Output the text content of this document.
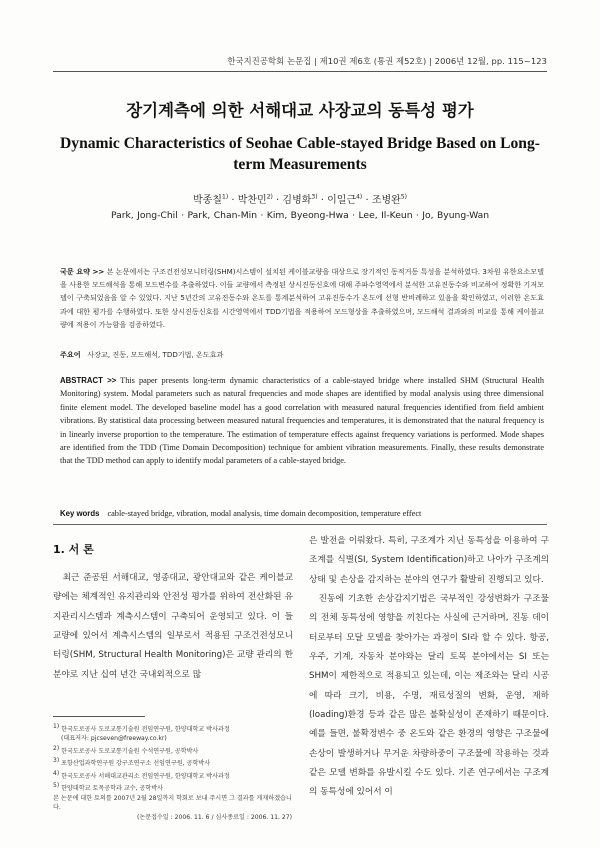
한국지진공학회 논문집 | 제10권 제6호 (통권 제52호) | 2006년 12월, pp. 115~123
장기계측에 의한 서해대교 사장교의 동특성 평가
Dynamic Characteristics of Seohae Cable-stayed Bridge Based on Long-term Measurements
박종칠$^{1)}$ · 박찬민$^{2)}$ · 김병화$^{3)}$ · 이일근$^{4)}$ · 조병완$^{5)}$
Park, Jong-Chil · Park, Chan-Min · Kim, Byeong-Hwa · Lee, Il-Keun · Jo, Byung-Wan
국문 요약 >> 본 논문에서는 구조건전성모니터링(SHM)시스템이 설치된 케이블교량을 대상으로 장기적인 동적거동 특성을 분석하였다. 3차원 유한요소모델을 사용한 모드해석을 통해 모드변수를 추출하였다. 이들 교량에서 측정된 상시진동신호에 대해 주파수영역에서 분석한 고유진동수와 비교하여 정확한 기저모델이 구축되었음을 알 수 있었다. 지난 5년간의 고유진동수와 온도를 통계분석하여 고유진동수가 온도에 선형 반비례하고 있음을 확인하였고, 이러한 온도효과에 대한 평가를 수행하였다. 또한 상시진동신호를 시간영역에서 TDD기법을 적용하여 모드형상을 추출하였으며, 모드해석 결과와의 비교를 통해 케이블교량에 적용이 가능함을 검증하였다.
주요어 사장교, 진동, 모드해석, TDD기법, 온도효과
ABSTRACT >> This paper presents long-term dynamic characteristics of a cable-stayed bridge where installed SHM (Structural Health Monitoring) system. Modal parameters such as natural frequencies and mode shapes are identified by modal analysis using three dimensional finite element model. The developed baseline model has a good correlation with measured natural frequencies identified from field ambient vibrations. By statistical data processing between measured natural frequencies and temperatures, it is demonstrated that the natural frequency is in linearly inverse proportion to the temperature. The estimation of temperature effects against frequency variations is performed. Mode shapes are identified from the TDD (Time Domain Decomposition) technique for ambient vibration measurements. Finally, these results demonstrate that the TDD method can apply to identify modal parameters of a cable-stayed bridge.
Key words cable-stayed bridge, vibration, modal analysis, time domain decomposition, temperature effect
1. 서 론

최근 준공된 서해대교, 영종대교, 광안대교와 같은 케이블교량에는 체계적인 유지관리와 안전성 평가를 위하여 전산화된 유지관리시스템과 계측시스템이 구축되어 운영되고 있다. 이 들 교량에 있어서 계측시스템의 일부로서 적용된 구조건전성모니터링(SHM, Structural Health Monitoring)은 교량 관리의 한 분야로 지난 십여 년간 국내외적으로 많

은 발전을 이뤄왔다. 특히, 구조계가 지닌 동특성을 이용하여 구조계를 식별(SI, System Identification)하고 나아가 구조계의 상태 및 손상을 감지하는 분야의 연구가 활발히 진행되고 있다.

진동에 기초한 손상감지기법은 국부적인 강성변화가 구조물의 전체 동특성에 영향을 끼친다는 사실에 근거하며, 진동 데이터로부터 모달 모델을 찾아가는 과정이 SI라 할 수 있다. 항공, 우주, 기계, 자동차 분야와는 달리 토목 분야에서는 SI 또는 SHM이 제한적으로 적용되고 있는데, 이는 제조와는 달리 시공에 따라 크기, 비용, 수명, 재료성질의 변화, 운영, 재하(loading)환경 등과 같은 많은 불확실성이 존재하기 때문이다. 예를 들면, 불확정변수 중 온도와 같은 환경의 영향은 구조물에 손상이 발생하거나 무거운 차량하중이 구조물에 작용하는 것과 같은 모델 변화를 유발시킬 수도 있다. 기존 연구에서는 구조계의 동특성에 있어서 이

1) 한국도로공사 도로교통기술원 전임연구원, 한양대학교 박사과정
(대표저자: pjcseven@freeway.co.kr)
2) 한국도로공사 도로교통기술원 수석연구원, 공학박사
3) 포항산업과학연구원 강구조연구소 선임연구원, 공학박사
4) 한국도로공사 서해대교관리소 전임연구원, 한양대학교 박사과정
5) 한양대학교 토목공학과 교수, 공학박사
본 논문에 대한 토의를 2007년 2월 28일까지 학회로 보내 주시면 그 결과를 게재하겠습니다.
(논문접수일 : 2006. 11. 6 / 심사종료일 : 2006. 11. 27)
